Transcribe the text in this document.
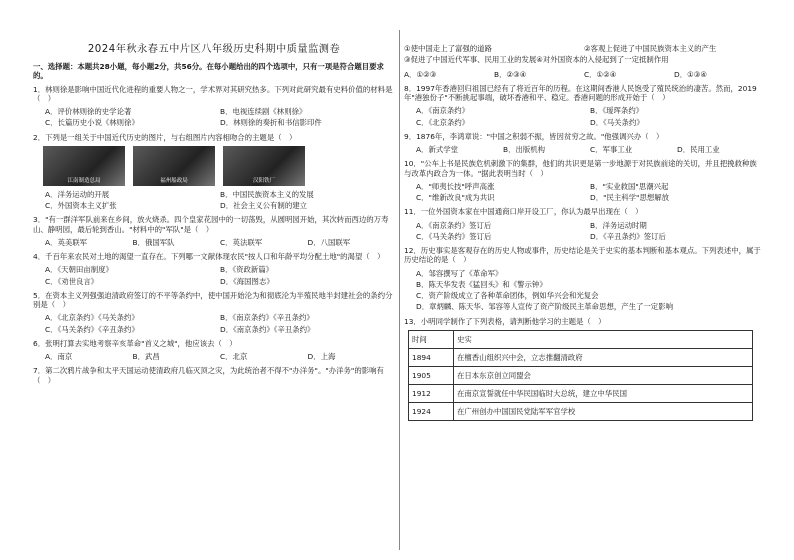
2024年秋永春五中片区八年级历史科期中质量监测卷
一、选择题：本题共28小题，每小题2分，共56分。在每小题给出的四个选项中，只有一项是符合题目要求的。
1．林则徐是影响中国近代化进程的重要人物之一，学术界对其研究热多。下列对此研究最有史料价值的材料是（　）
A．评价林则徐的史学论著	B．电视连续剧《林则徐》
C．长篇历史小说《林则徐》	D．林则徐的奏折和书信影印件
2．下列是一组关于中国近代历史的图片，与右组图片内容相吻合的主题是（　）
江南制造总局	福州船政局	汉阳铁厂
A．洋务运动的开展	B．中国民族资本主义的发展
C．外国资本主义扩张	D．社会主义公有制的建立
3．"有一群洋军队前来在乡间，放火烧杀。四个皇家花园中的一切荡毁，从圆明园开始，其次转而西边的万寿山、静明园，最后轮到香山。"材料中的"军队"是（　）
A．英美联军	B．俄国军队	C．英法联军	D．八国联军
4．千百年来农民对土地的渴望一直存在。下列哪一文献体现农民"按人口和年龄平均分配土地"的渴望（　）
A．《天朝田亩制度》	B．《资政新篇》
C．《劝世良言》	D．《海国图志》
5．在资本主义列强强迫清政府签订的不平等条约中，使中国开始沦为和彻底沦为半殖民地半封建社会的条约分别是（　）
A．《北京条约》《马关条约》	B．《南京条约》《辛丑条约》
C．《马关条约》《辛丑条约》	D．《南京条约》《辛丑条约》
6．张明打算去实地考察辛亥革命"首义之城"，他应该去（　）
A．南京	B．武昌	C．北京	D．上海
7．第二次鸦片战争和太平天国运动使清政府几临灭顶之灾，为此统治者不得不"办洋务"。"办洋务"的影响有（　）
①使中国走上了富强的道路	②客观上促进了中国民族资本主义的产生
③促进了中国近代军事、民用工业的发展④对外国资本的入侵起到了一定抵制作用
A．①②③	B．②③④	C．①②④	D．①③④
8．1997年香港回归祖国已经有了将近百年的历程。在这期间香港人民饱受了殖民统治的凄苦。然而，2019年"港独份子"不断挑起事端，破坏香港和平、稳定。香港问题的形成开始于（　）
A．《南京条约》	B．《瑷珲条约》
C．《北京条约》	D．《马关条约》
9．1876年，李鸿章说："中国之积弱不振，皆因贫穷之故。"他强调兴办（　）
A．新式学堂	B．出版机构	C．军事工业	D．民用工业
10．"公车上书是民族危机刺激下的集群，他们的共识更是第一步地源于对民族前途的关切，并且把挽救种族与改革内政合为一体。"据此表明当时（　）
A．"师夷长技"呼声高涨	B．"实业救国"思潮兴起
C．"维新改良"成为共识	D．"民主科学"思想解放
11．一位外国资本家在中国通商口岸开设工厂，你认为最早出现在（　）
A．《南京条约》签订后	B．洋务运动时期
C．《马关条约》签订后	D．《辛丑条约》签订后
12．历史事实是客观存在的历史人物或事件，历史结论是关于史实的基本判断和基本观点。下列表述中，属于历史结论的是（　）
A．邹容撰写了《革命军》
B．陈天华发表《猛回头》和《警示钟》
C．资产阶级成立了各种革命团体，例如华兴会和光复会
D．章炳麟、陈天华、邹容等人宣传了资产阶级民主革命思想，产生了一定影响
13．小明同学制作了下列表格，请判断他学习的主题是（　）
时间	史实
1894	在檀香山组织兴中会，立志推翻清政府
1905	在日本东京创立同盟会
1912	在南京宣誓就任中华民国临时大总统，建立中华民国
1924	在广州创办中国国民党陆军军官学校
